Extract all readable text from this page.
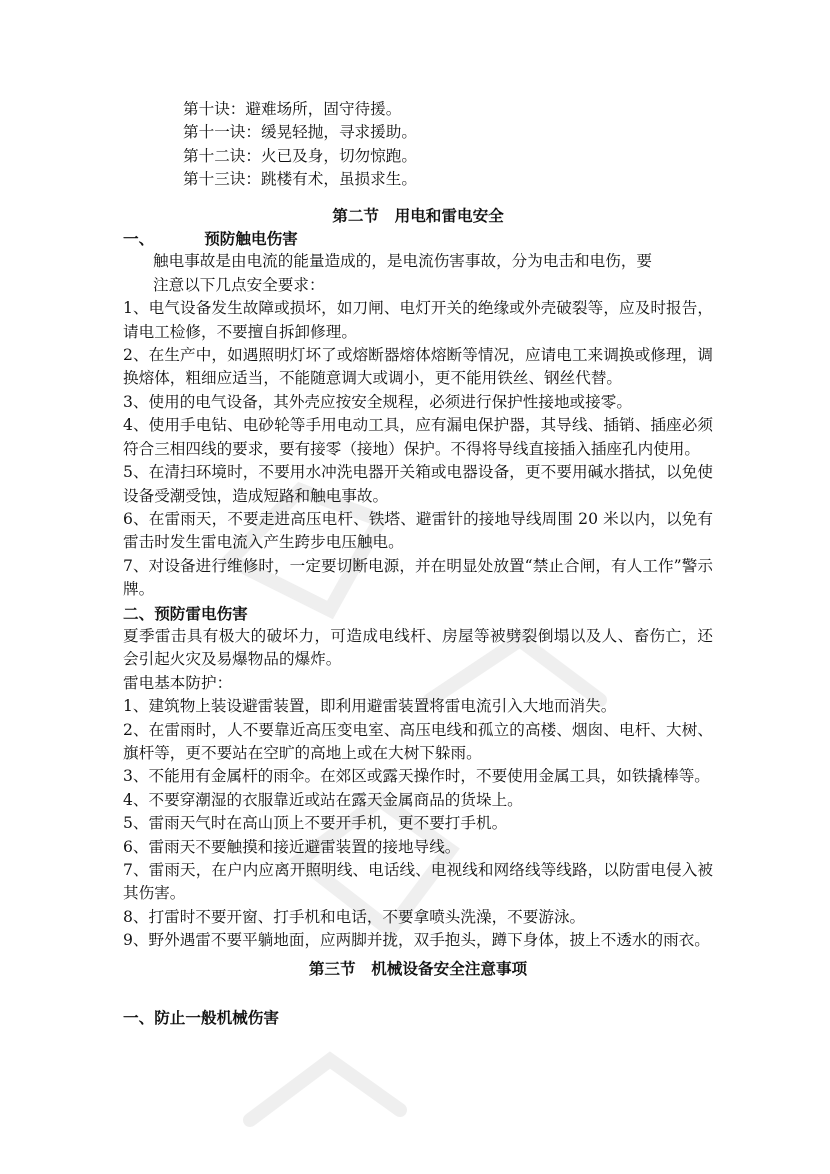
第十诀：避难场所，固守待援。

第十一诀：缓晃轻抛，寻求援助。

第十二诀：火已及身，切勿惊跑。

第十三诀：跳楼有术，虽损求生。

第二节　用电和雷电安全

一、	预防触电伤害

触电事故是由电流的能量造成的，是电流伤害事故，分为电击和电伤，要

注意以下几点安全要求：

1、电气设备发生故障或损坏，如刀闸、电灯开关的绝缘或外壳破裂等，应及时报告，请电工检修，不要擅自拆卸修理。

2、在生产中，如遇照明灯坏了或熔断器熔体熔断等情况，应请电工来调换或修理，调换熔体，粗细应适当，不能随意调大或调小，更不能用铁丝、钢丝代替。

3、使用的电气设备，其外壳应按安全规程，必须进行保护性接地或接零。

4、使用手电钻、电砂轮等手用电动工具，应有漏电保护器，其导线、插销、插座必须符合三相四线的要求，要有接零（接地）保护。不得将导线直接插入插座孔内使用。

5、在清扫环境时，不要用水冲洗电器开关箱或电器设备，更不要用碱水揩拭，以免使设备受潮受蚀，造成短路和触电事故。

6、在雷雨天，不要走进高压电杆、铁塔、避雷针的接地导线周围 20 米以内，以免有雷击时发生雷电流入产生跨步电压触电。

7、对设备进行维修时，一定要切断电源，并在明显处放置“禁止合闸，有人工作”警示牌。

二、预防雷电伤害

夏季雷击具有极大的破坏力，可造成电线杆、房屋等被劈裂倒塌以及人、畜伤亡，还会引起火灾及易爆物品的爆炸。

雷电基本防护：

1、建筑物上装设避雷装置，即利用避雷装置将雷电流引入大地而消失。

2、在雷雨时，人不要靠近高压变电室、高压电线和孤立的高楼、烟囱、电杆、大树、旗杆等，更不要站在空旷的高地上或在大树下躲雨。

3、不能用有金属杆的雨伞。在郊区或露天操作时，不要使用金属工具，如铁撬棒等。

4、不要穿潮湿的衣服靠近或站在露天金属商品的货垛上。

5、雷雨天气时在高山顶上不要开手机，更不要打手机。

6、雷雨天不要触摸和接近避雷装置的接地导线。

7、雷雨天，在户内应离开照明线、电话线、电视线和网络线等线路，以防雷电侵入被其伤害。

8、打雷时不要开窗、打手机和电话，不要拿喷头洗澡，不要游泳。

9、野外遇雷不要平躺地面，应两脚并拢，双手抱头，蹲下身体，披上不透水的雨衣。

第三节　机械设备安全注意事项

一、防止一般机械伤害
